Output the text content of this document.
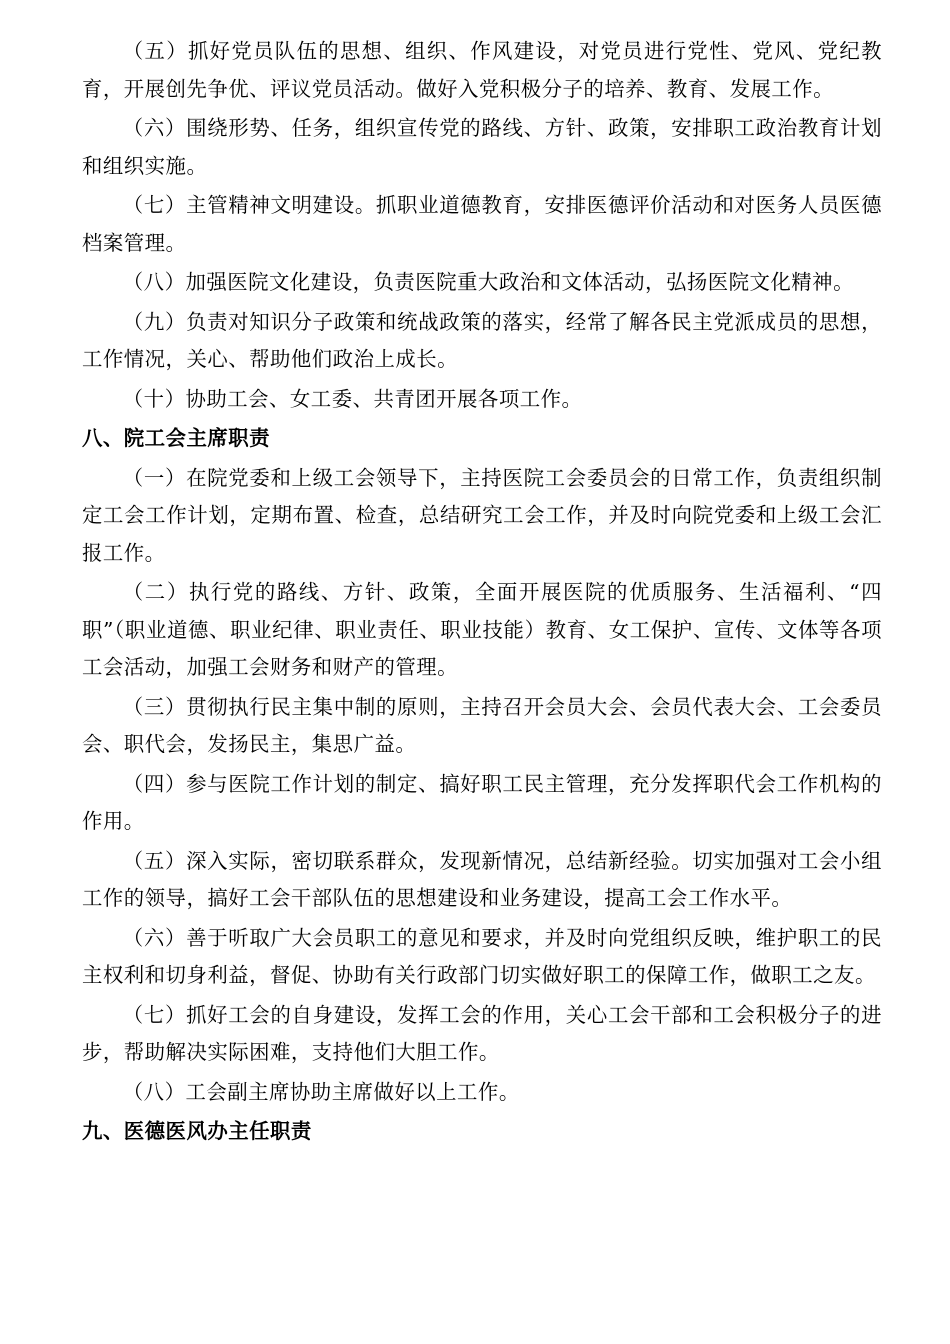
（五）抓好党员队伍的思想、组织、作风建设，对党员进行党性、党风、党纪教育，开展创先争优、评议党员活动。做好入党积极分子的培养、教育、发展工作。

（六）围绕形势、任务，组织宣传党的路线、方针、政策，安排职工政治教育计划和组织实施。

（七）主管精神文明建设。抓职业道德教育，安排医德评价活动和对医务人员医德档案管理。

（八）加强医院文化建设，负责医院重大政治和文体活动，弘扬医院文化精神。

（九）负责对知识分子政策和统战政策的落实，经常了解各民主党派成员的思想，工作情况，关心、帮助他们政治上成长。

（十）协助工会、女工委、共青团开展各项工作。

八、院工会主席职责

（一）在院党委和上级工会领导下，主持医院工会委员会的日常工作，负责组织制定工会工作计划，定期布置、检查，总结研究工会工作，并及时向院党委和上级工会汇报工作。

（二）执行党的路线、方针、政策，全面开展医院的优质服务、生活福利、“四职”（职业道德、职业纪律、职业责任、职业技能）教育、女工保护、宣传、文体等各项工会活动，加强工会财务和财产的管理。

（三）贯彻执行民主集中制的原则，主持召开会员大会、会员代表大会、工会委员会、职代会，发扬民主，集思广益。

（四）参与医院工作计划的制定、搞好职工民主管理，充分发挥职代会工作机构的作用。

（五）深入实际，密切联系群众，发现新情况，总结新经验。切实加强对工会小组工作的领导，搞好工会干部队伍的思想建设和业务建设，提高工会工作水平。

（六）善于听取广大会员职工的意见和要求，并及时向党组织反映，维护职工的民主权利和切身利益，督促、协助有关行政部门切实做好职工的保障工作，做职工之友。

（七）抓好工会的自身建设，发挥工会的作用，关心工会干部和工会积极分子的进步，帮助解决实际困难，支持他们大胆工作。

（八）工会副主席协助主席做好以上工作。

九、医德医风办主任职责
